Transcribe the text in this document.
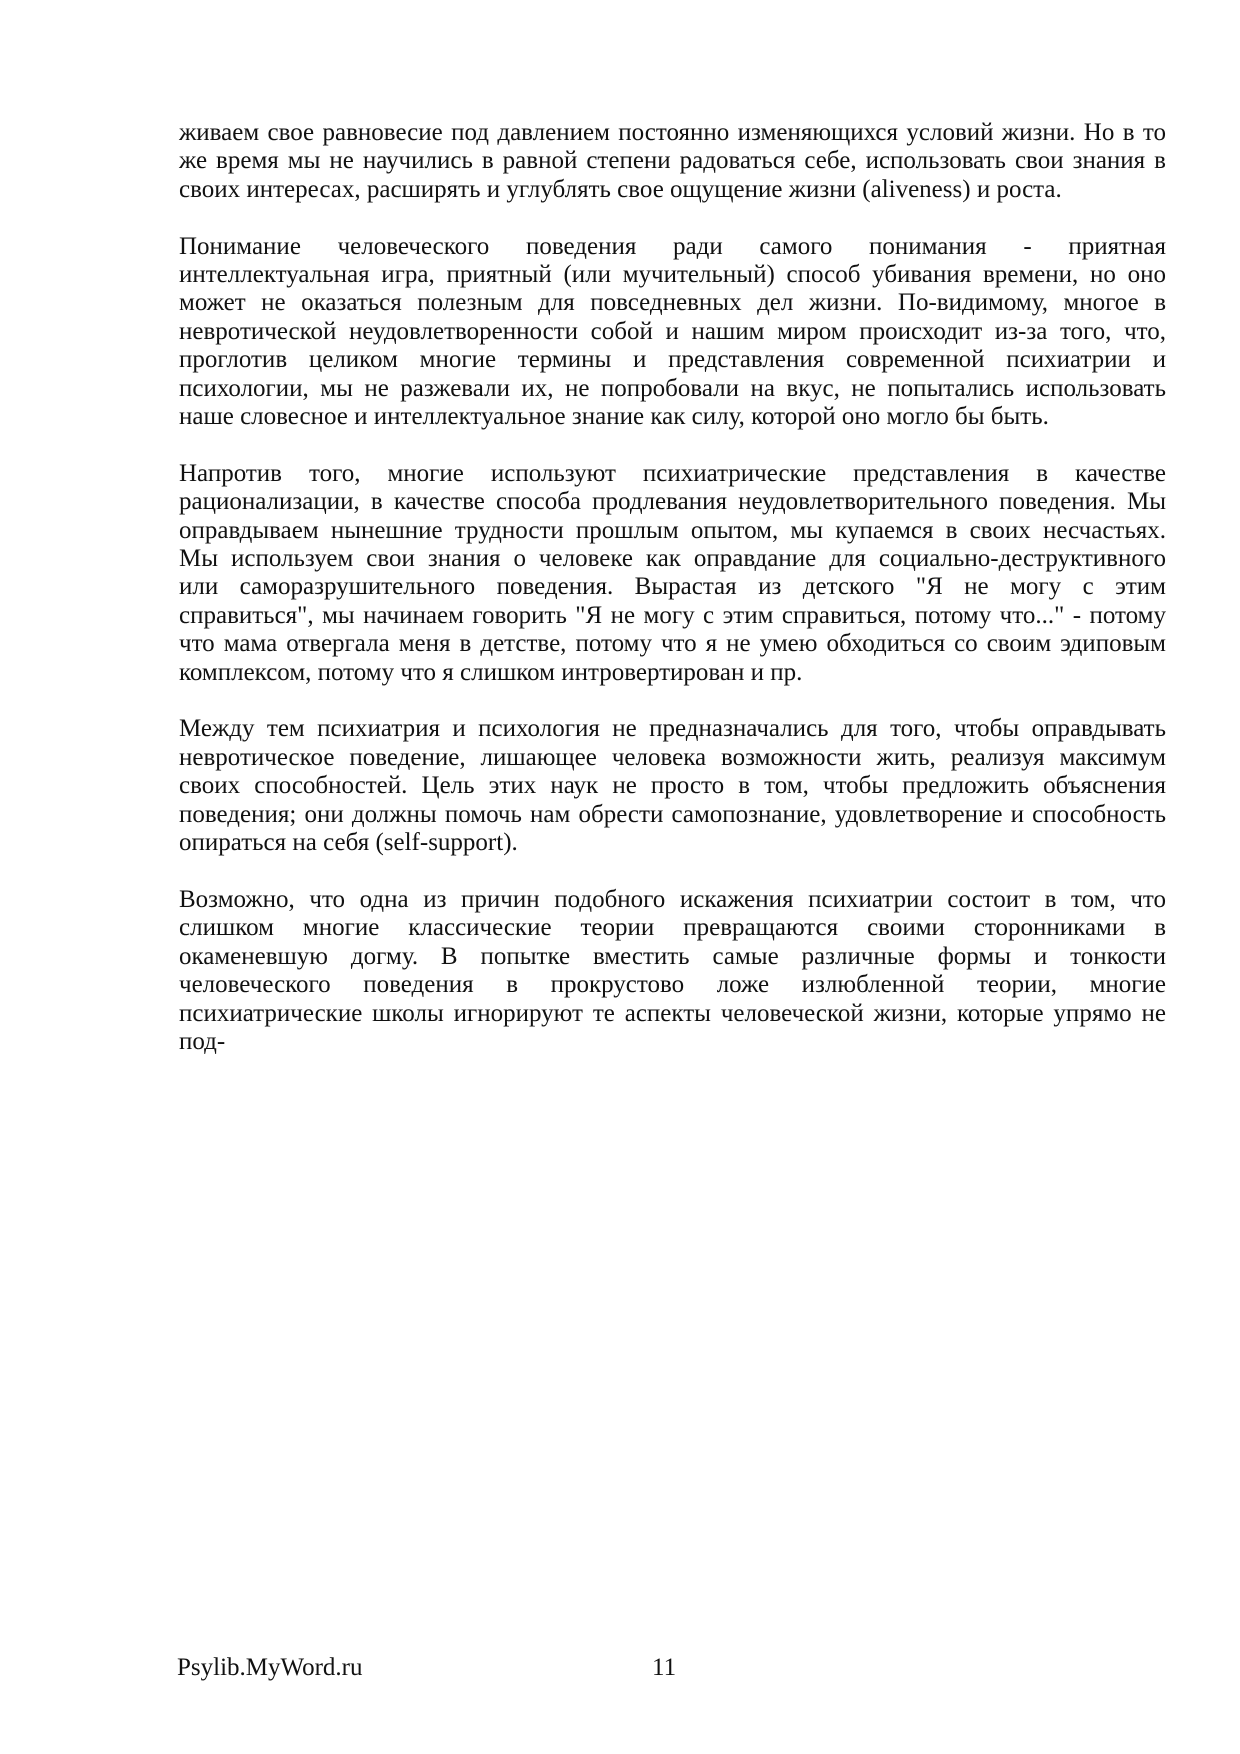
живаем свое равновесие под давлением постоянно изменяющихся условий жизни. Но в то
же время мы не научились в равной степени радоваться себе, использовать свои знания в
своих интересах, расширять и углублять свое ощущение жизни (aliveness) и роста.
Понимание человеческого поведения ради самого понимания - приятная
интеллектуальная игра, приятный (или мучительный) способ убивания времени, но оно
может не оказаться полезным для повседневных дел жизни. По-видимому, многое в
невротической неудовлетворенности собой и нашим миром происходит из-за того, что,
проглотив целиком многие термины и представления современной психиатрии и
психологии, мы не разжевали их, не попробовали на вкус, не попытались использовать
наше словесное и интеллектуальное знание как силу, которой оно могло бы быть.
Напротив того, многие используют психиатрические представления в качестве
рационализации, в качестве способа продлевания неудовлетворительного поведения. Мы
оправдываем нынешние трудности прошлым опытом, мы купаемся в своих несчастьях.
Мы используем свои знания о человеке как оправдание для социально-деструктивного
или саморазрушительного поведения. Вырастая из детского "Я не могу с этим
справиться", мы начинаем говорить "Я не могу с этим справиться, потому что..." - потому
что мама отвергала меня в детстве, потому что я не умею обходиться со своим эдиповым
комплексом, потому что я слишком интровертирован и пр.
Между тем психиатрия и психология не предназначались для того, чтобы оправдывать
невротическое поведение, лишающее человека возможности жить, реализуя максимум
своих способностей. Цель этих наук не просто в том, чтобы предложить объяснения
поведения; они должны помочь нам обрести самопознание, удовлетворение и способность
опираться на себя (self-support).
Возможно, что одна из причин подобного искажения психиатрии состоит в том, что
слишком многие классические теории превращаются своими сторонниками в
окаменевшую догму. В попытке вместить самые различные формы и тонкости
человеческого поведения в прокрустово ложе излюбленной теории, многие
психиатрические школы игнорируют те аспекты человеческой жизни, которые упрямо не
под-
Psylib.MyWord.ru	11
